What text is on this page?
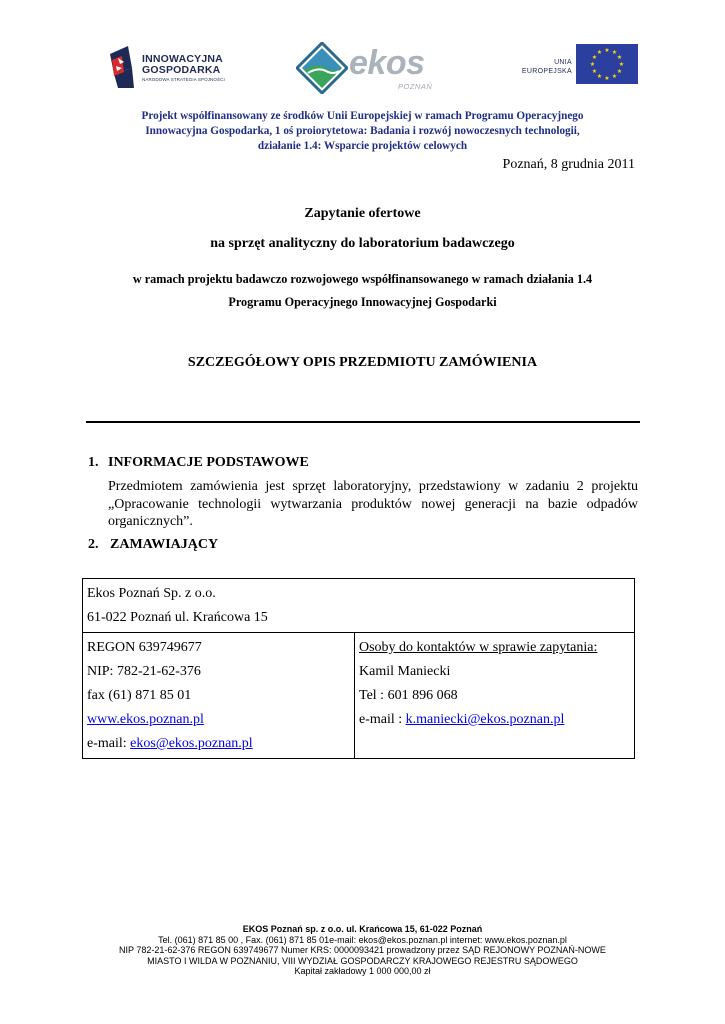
INNOWACYJNA
GOSPODARKA
NARODOWA STRATEGIA SPÓJNOŚCI	ekos
POZNAŃ
UNIA
EUROPEJSKA
★ ★
★
★
★
★
★
★
★
★
★
★
Projekt współfinansowany ze środków Unii Europejskiej w ramach Programu Operacyjnego
Innowacyjna Gospodarka, 1 oś proiorytetowa: Badania i rozwój nowoczesnych technologii,
działanie 1.4: Wsparcie projektów celowych
Poznań, 8 grudnia 2011
Zapytanie ofertowe
na sprzęt analityczny do laboratorium badawczego
w ramach projektu badawczo rozwojowego współfinansowanego w ramach działania 1.4
Programu Operacyjnego Innowacyjnej Gospodarki
SZCZEGÓŁOWY OPIS PRZEDMIOTU ZAMÓWIENIA
1. INFORMACJE PODSTAWOWE
Przedmiotem zamówienia jest sprzęt laboratoryjny, przedstawiony w zadaniu 2 projektu „Opracowanie technologii wytwarzania produktów nowej generacji na bazie odpadów organicznych”.
2. ZAMAWIAJĄCY
Ekos Poznań Sp. z o.o.
61-022 Poznań ul. Krańcowa 15

REGON 639749677
NIP: 782-21-62-376
fax (61) 871 85 01
www.ekos.poznan.pl
e-mail: ekos@ekos.poznan.pl

Osoby do kontaktów w sprawie zapytania:
Kamil Maniecki
Tel : 601 896 068
e-mail : k.maniecki@ekos.poznan.pl
EKOS Poznań sp. z o.o. ul. Krańcowa 15, 61-022 Poznań
Tel. (061) 871 85 00 , Fax. (061) 871 85 01e-mail: ekos@ekos.poznan.pl internet: www.ekos.poznan.pl
NIP 782-21-62-376 REGON 639749677 Numer KRS: 0000093421 prowadzony przez SĄD REJONOWY POZNAŃ-NOWE
MIASTO I WILDA W POZNANIU, VIII WYDZIAŁ GOSPODARCZY KRAJOWEGO REJESTRU SĄDOWEGO
Kapitał zakładowy 1 000 000,00 zł
